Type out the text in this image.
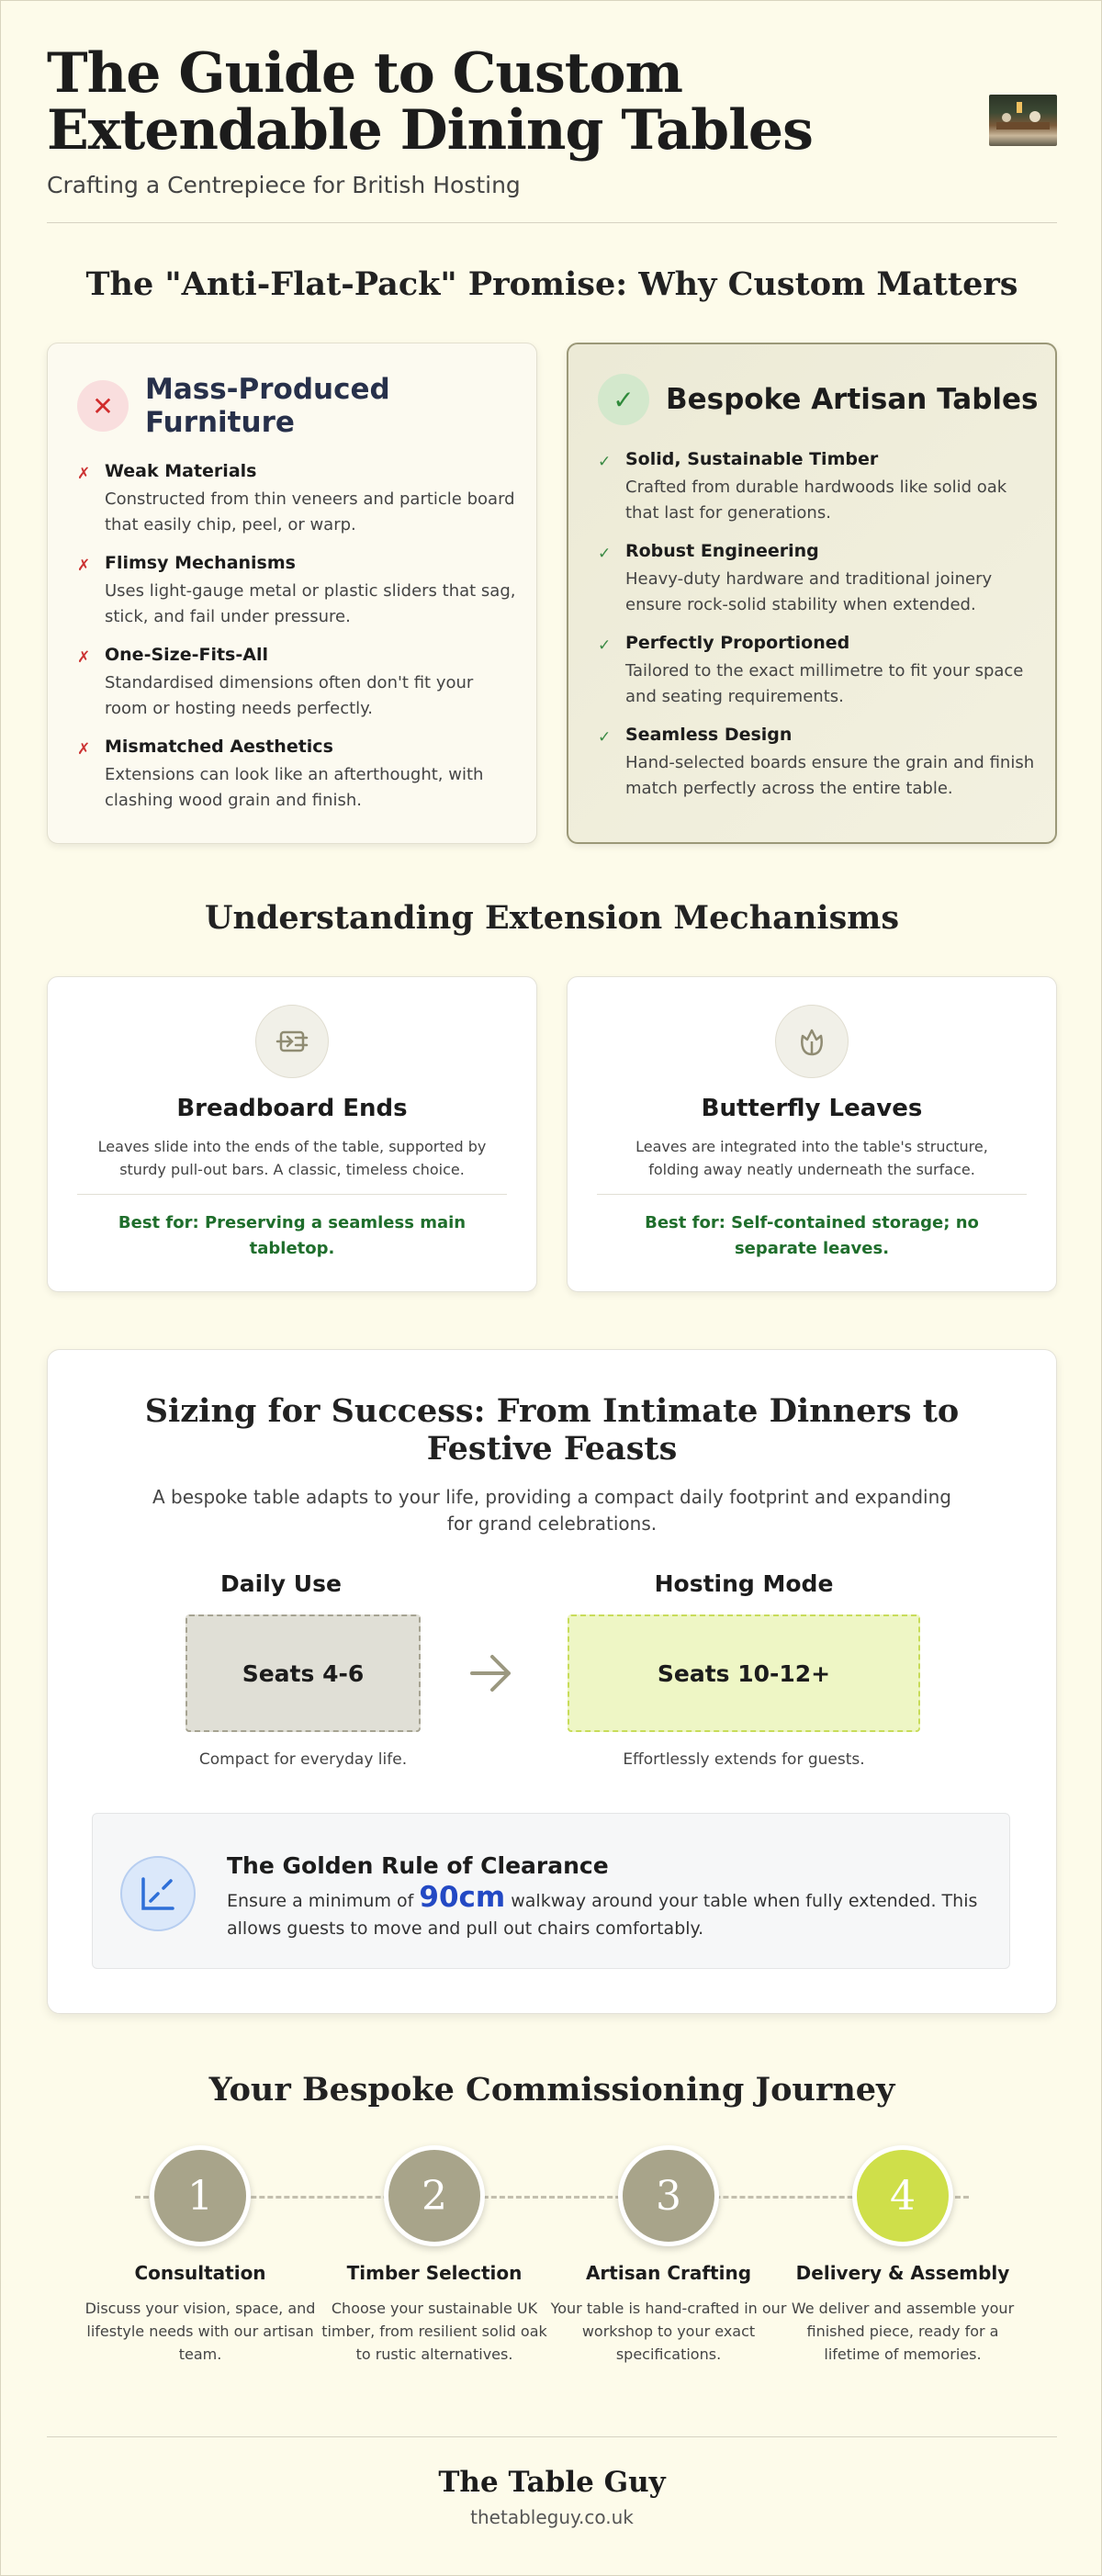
The Guide to Custom Extendable Dining Tables
Crafting a Centrepiece for British Hosting
The "Anti-Flat-Pack" Promise: Why Custom Matters
✕	Mass-Produced Furniture
✗ Weak Materials
Constructed from thin veneers and particle board that easily chip, peel, or warp.
✗ Flimsy Mechanisms
Uses light-gauge metal or plastic sliders that sag, stick, and fail under pressure.
✗ One-Size-Fits-All
Standardised dimensions often don't fit your room or hosting needs perfectly.
✗ Mismatched Aesthetics
Extensions can look like an afterthought, with clashing wood grain and finish.
✓	Bespoke Artisan Tables
✓ Solid, Sustainable Timber
Crafted from durable hardwoods like solid oak that last for generations.
✓ Robust Engineering
Heavy-duty hardware and traditional joinery ensure rock-solid stability when extended.
✓ Perfectly Proportioned
Tailored to the exact millimetre to fit your space and seating requirements.
✓ Seamless Design
Hand-selected boards ensure the grain and finish match perfectly across the entire table.
Understanding Extension Mechanisms
Breadboard Ends
Leaves slide into the ends of the table, supported by sturdy pull-out bars. A classic, timeless choice.
Best for: Preserving a seamless main tabletop.
Butterfly Leaves
Leaves are integrated into the table's structure, folding away neatly underneath the surface.
Best for: Self-contained storage; no separate leaves.
Sizing for Success: From Intimate Dinners to Festive Feasts
A bespoke table adapts to your life, providing a compact daily footprint and expanding for grand celebrations.
Daily Use
Seats 4-6
Compact for everyday life.
Hosting Mode
Seats 10-12+
Effortlessly extends for guests.
The Golden Rule of Clearance
Ensure a minimum of 90cm walkway around your table when fully extended. This allows guests to move and pull out chairs comfortably.
Your Bespoke Commissioning Journey
1
Consultation
Discuss your vision, space, and lifestyle needs with our artisan team.
2
Timber Selection
Choose your sustainable UK timber, from resilient solid oak to rustic alternatives.
3
Artisan Crafting
Your table is hand-crafted in our workshop to your exact specifications.
4
Delivery & Assembly
We deliver and assemble your finished piece, ready for a lifetime of memories.
The Table Guy
thetableguy.co.uk
